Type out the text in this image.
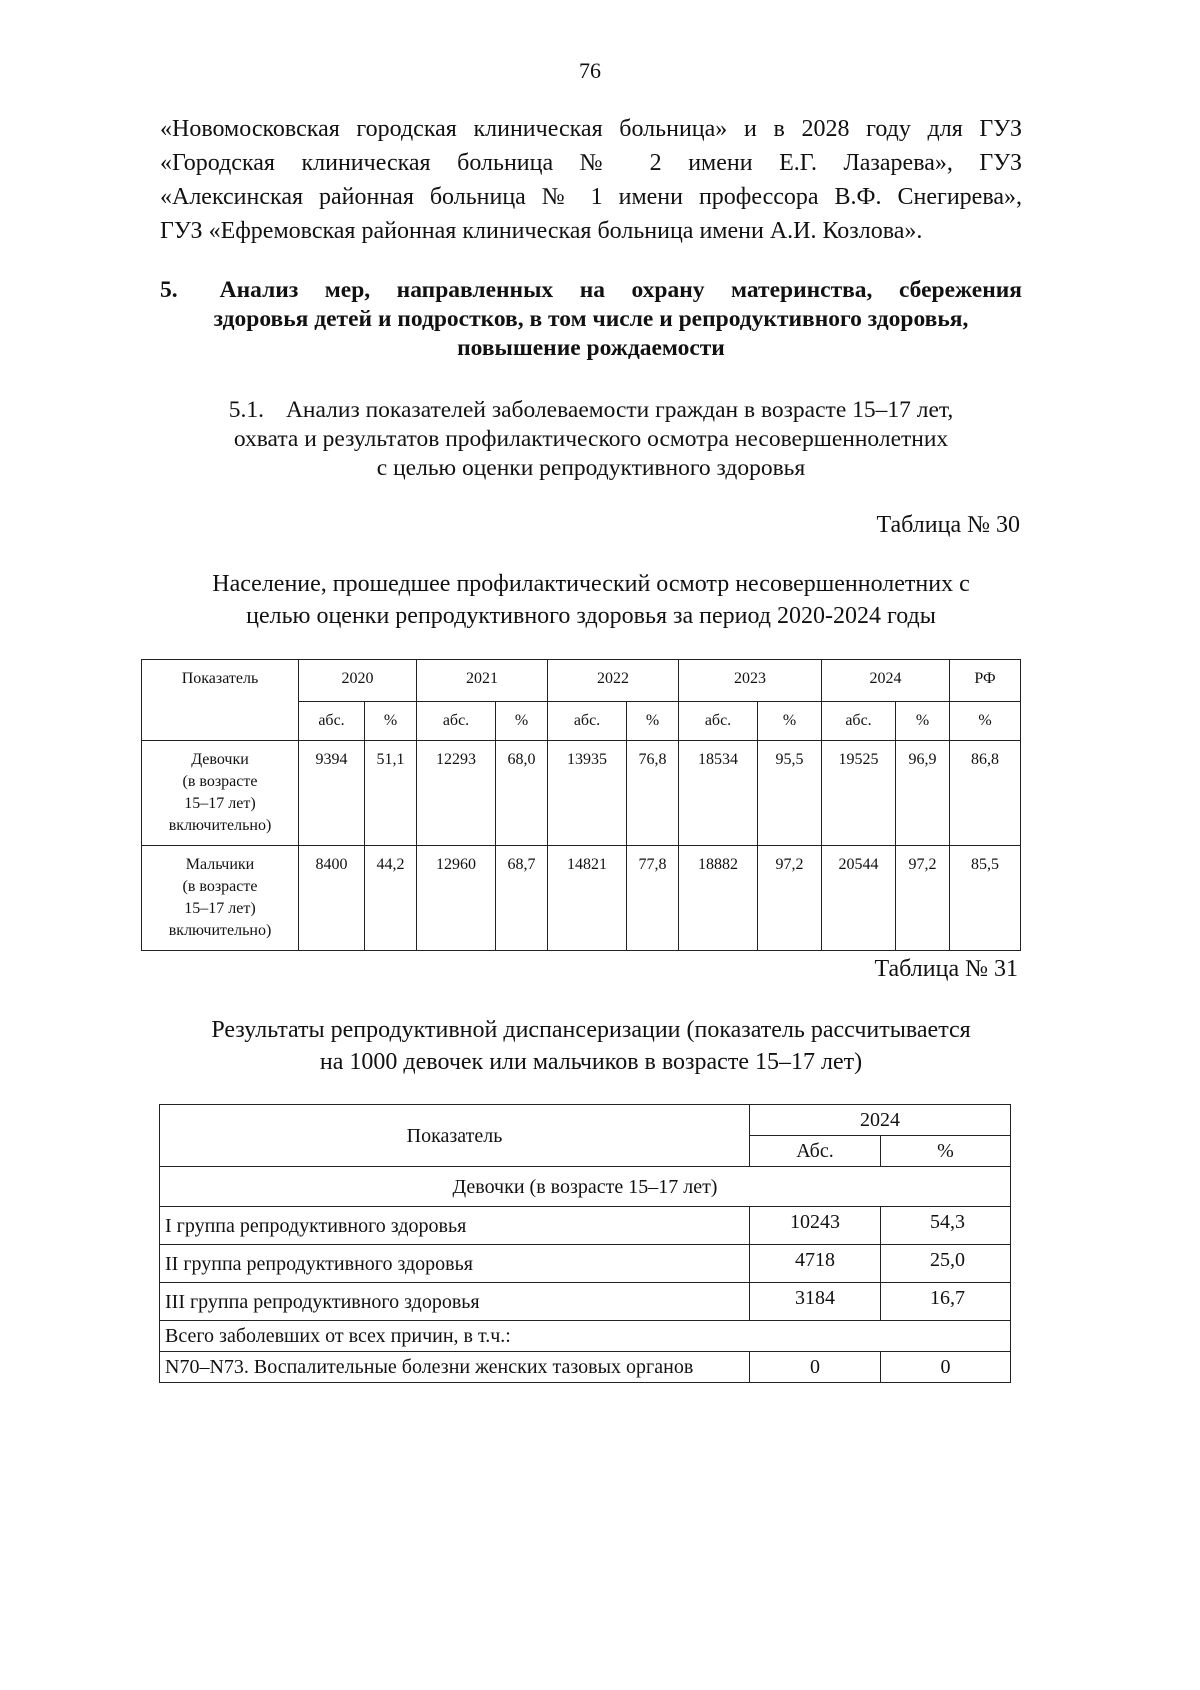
76
«Новомосковская городская клиническая больница» и в 2028 году для ГУЗ
«Городская клиническая больница № 2 имени Е.Г. Лазарева», ГУЗ
«Алексинская районная больница № 1 имени профессора В.Ф. Снегирева»,
ГУЗ «Ефремовская районная клиническая больница имени А.И. Козлова».
5. Анализ мер, направленных на охрану материнства, сбережения
здоровья детей и подростков, в том числе и репродуктивного здоровья,
повышение рождаемости
5.1. Анализ показателей заболеваемости граждан в возрасте 15–17 лет,
охвата и результатов профилактического осмотра несовершеннолетних
с целью оценки репродуктивного здоровья
Таблица № 30
Население, прошедшее профилактический осмотр несовершеннолетних с
целью оценки репродуктивного здоровья за период 2020-2024 годы
Показатель	2020		2021		2022		2023		2024		РФ
	абс.	%	абс.	%	абс.	%	абс.	%	абс.	%	%

Девочки
(в возрасте
15–17 лет)
включительно)	9394	51,1	12293	68,0	13935	76,8	18534	95,5	19525	96,9	86,8

Мальчики
(в возрасте
15–17 лет)
включительно)	8400	44,2	12960	68,7	14821	77,8	18882	97,2	20544	97,2	85,5
Таблица № 31
Результаты репродуктивной диспансеризации (показатель рассчитывается
на 1000 девочек или мальчиков в возрасте 15–17 лет)
Показатель	2024	
	Абс.	%
Девочки (в возрасте 15–17 лет)		
I группа репродуктивного здоровья	10243	54,3
II группа репродуктивного здоровья	4718	25,0
III группа репродуктивного здоровья	3184	16,7
Всего заболевших от всех причин, в т.ч.:		
N70–N73. Воспалительные болезни женских тазовых органов	0	0
